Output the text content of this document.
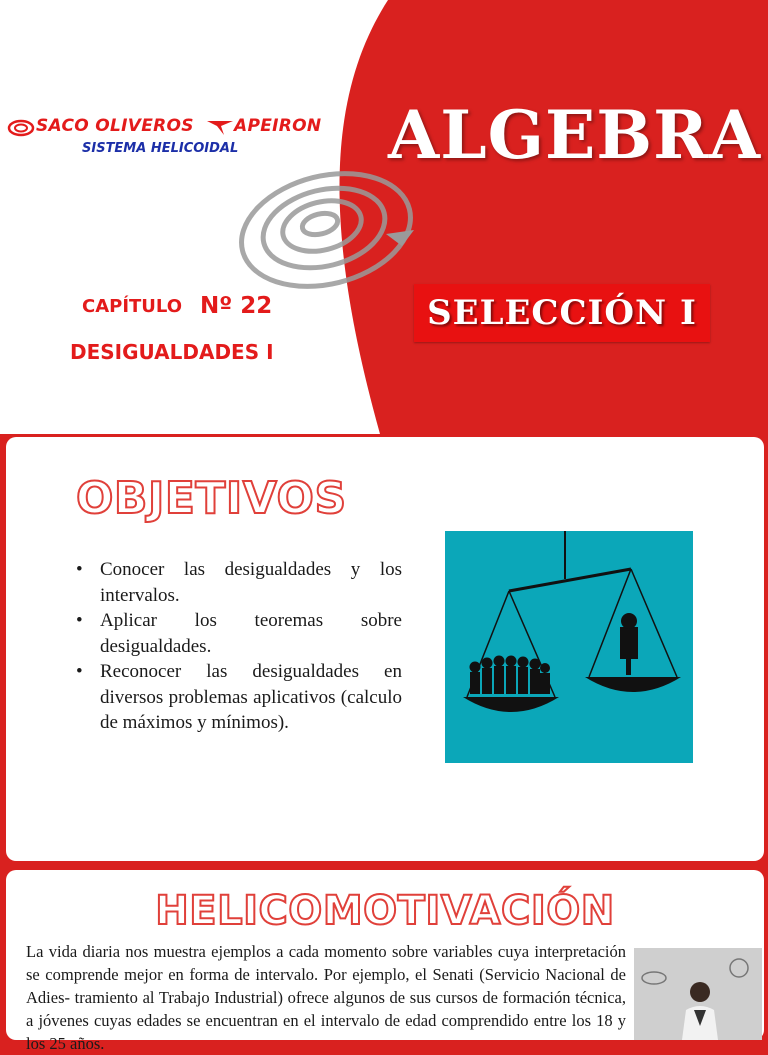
SACO OLIVEROS APEIRON
SISTEMA HELICOIDAL
CAPÍTULO Nº 22
DESIGUALDADES I
ALGEBRA
SELECCIÓN I
OBJETIVOS
• Conocer las desigualdades y los intervalos.
• Aplicar los teoremas sobre desigualdades.
• Reconocer las desigualdades en diversos problemas aplicativos (calculo de máximos y mínimos).
HELICOMOTIVACIÓN

La vida diaria nos muestra ejemplos a cada momento sobre variables cuya interpretación se comprende mejor en forma de intervalo. Por ejemplo, el Senati (Servicio Nacional de Adies- tramiento al Trabajo Industrial) ofrece algunos de sus cursos de formación técnica, a jóvenes cuyas edades se encuentran en el intervalo de edad comprendido entre los 18 y los 25 años.
